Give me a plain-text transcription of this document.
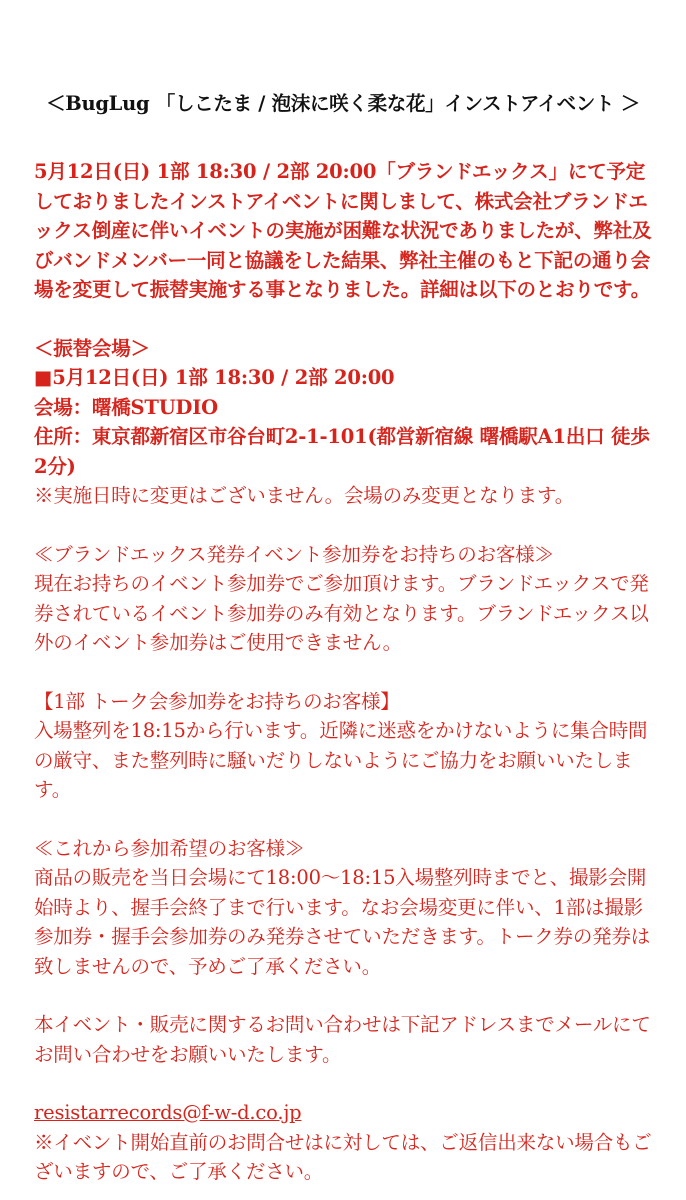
＜BugLug 「しこたま / 泡沫に咲く柔な花」インストアイベント ＞

5月12日(日) 1部 18:30 / 2部 20:00「ブランドエックス」にて予定しておりましたインストアイベントに関しまして、株式会社ブランドエックス倒産に伴いイベントの実施が困難な状況でありましたが、弊社及びバンドメンバー一同と協議をした結果、弊社主催のもと下記の通り会場を変更して振替実施する事となりました。詳細は以下のとおりです。

＜振替会場＞
■5月12日(日) 1部 18:30 / 2部 20:00
会場：曙橋STUDIO
住所：東京都新宿区市谷台町2-1-101(都営新宿線 曙橋駅A1出口 徒歩2分)

※実施日時に変更はございません。会場のみ変更となります。

≪ブランドエックス発券イベント参加券をお持ちのお客様≫
現在お持ちのイベント参加券でご参加頂けます。ブランドエックスで発券されているイベント参加券のみ有効となります。ブランドエックス以外のイベント参加券はご使用できません。
【1部 トーク会参加券をお持ちのお客様】
入場整列を18:15から行います。近隣に迷惑をかけないように集合時間の厳守、また整列時に騒いだりしないようにご協力をお願いいたします。
≪これから参加希望のお客様≫
商品の販売を当日会場にて18:00〜18:15入場整列時までと、撮影会開始時より、握手会終了まで行います。なお会場変更に伴い、1部は撮影参加券・握手会参加券のみ発券させていただきます。トーク券の発券は致しませんので、予めご了承ください。

本イベント・販売に関するお問い合わせは下記アドレスまでメールにてお問い合わせをお願いいたします。

resistarrecords@f-w-d.co.jp
※イベント開始直前のお問合せはに対しては、ご返信出来ない場合もございますので、ご了承ください。
